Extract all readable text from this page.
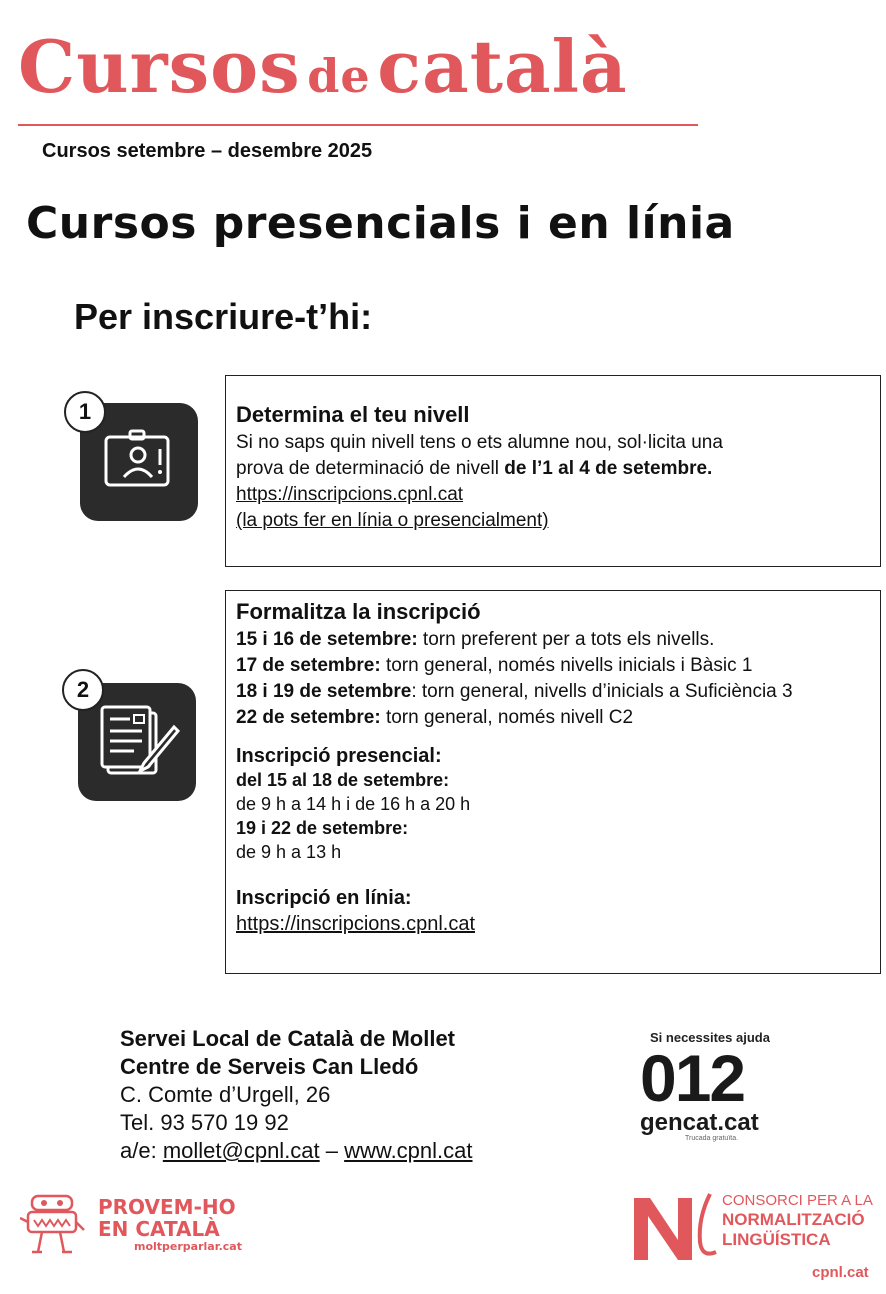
Cursos de català
Cursos setembre – desembre 2025
Cursos presencials i en línia
Per inscriure-t’hi:
1	Determina el teu nivell
Si no saps quin nivell tens o ets alumne nou, sol·licita una
prova de determinació de nivell de l’1 al 4 de setembre.
https://inscripcions.cpnl.cat
(la pots fer en línia o presencialment)
2
Formalitza la inscripció
15 i 16 de setembre: torn preferent per a tots els nivells.
17 de setembre: torn general, només nivells inicials i Bàsic 1
18 i 19 de setembre: torn general, nivells d’inicials a Suficiència 3
22 de setembre: torn general, només nivell C2
Inscripció presencial:
del 15 al 18 de setembre:
de 9 h a 14 h i de 16 h a 20 h
19 i 22 de setembre:
de 9 h a 13 h
Inscripció en línia:
https://inscripcions.cpnl.cat
Servei Local de Català de Mollet
Centre de Serveis Can Lledó
C. Comte d’Urgell, 26
Tel. 93 570 19 92
a/e: mollet@cpnl.cat – www.cpnl.cat
Si necessites ajuda
012
gencat.cat
Trucada gratuïta.
PROVEM-HO
EN CATALÀ
moltperparlar.cat
CONSORCI PER A LA
NORMALITZACIÓ
LINGÜÍSTICA
cpnl.cat
